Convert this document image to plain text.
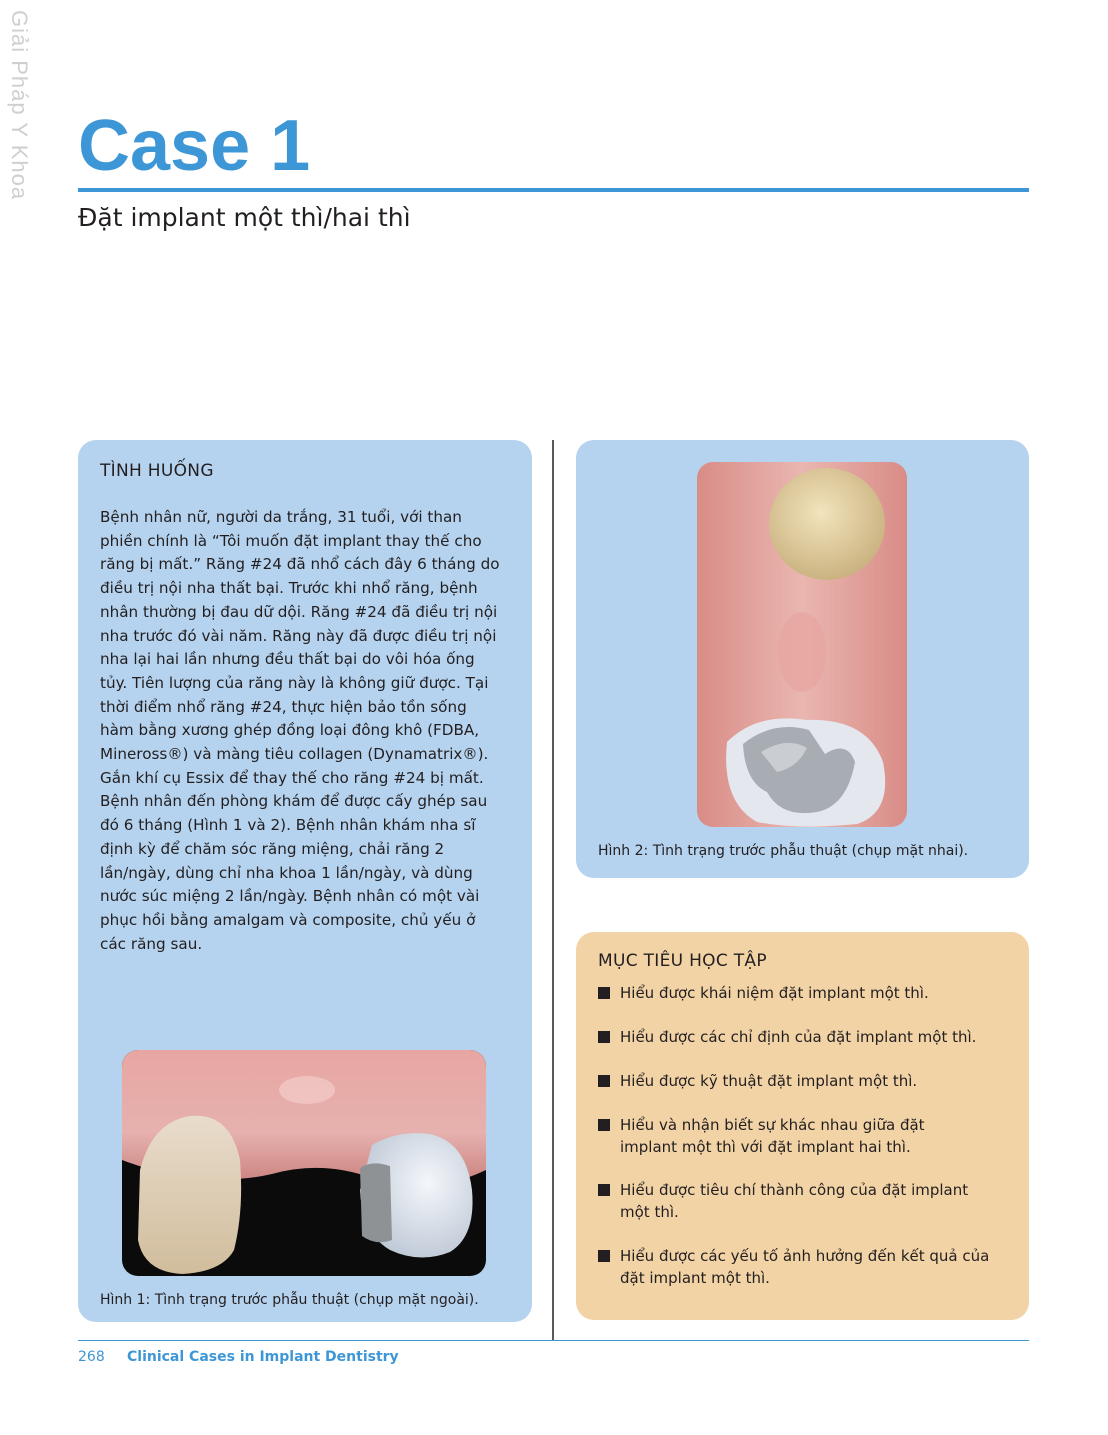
Giải Pháp Y Khoa Case 1
Đặt implant một thì/hai thì
TÌNH HUỐNG

Bệnh nhân nữ, người da trắng, 31 tuổi, với than phiền chính là “Tôi muốn đặt implant thay thế cho răng bị mất.” Răng #24 đã nhổ cách đây 6 tháng do điều trị nội nha thất bại. Trước khi nhổ răng, bệnh nhân thường bị đau dữ dội. Răng #24 đã điều trị nội nha trước đó vài năm. Răng này đã được điều trị nội nha lại hai lần nhưng đều thất bại do vôi hóa ống tủy. Tiên lượng của răng này là không giữ được. Tại thời điểm nhổ răng #24, thực hiện bảo tồn sống hàm bằng xương ghép đồng loại đông khô (FDBA, Mineross®) và màng tiêu collagen (Dynamatrix®). Gắn khí cụ Essix để thay thế cho răng #24 bị mất. Bệnh nhân đến phòng khám để được cấy ghép sau đó 6 tháng (Hình 1 và 2). Bệnh nhân khám nha sĩ định kỳ để chăm sóc răng miệng, chải răng 2 lần/ngày, dùng chỉ nha khoa 1 lần/ngày, và dùng nước súc miệng 2 lần/ngày. Bệnh nhân có một vài phục hồi bằng amalgam và composite, chủ yếu ở các răng sau.

Hình 1: Tình trạng trước phẫu thuật (chụp mặt ngoài).

Hình 2: Tình trạng trước phẫu thuật (chụp mặt nhai).

MỤC TIÊU HỌC TẬP
Hiểu được khái niệm đặt implant một thì.
Hiểu được các chỉ định của đặt implant một thì.
Hiểu được kỹ thuật đặt implant một thì.
Hiểu và nhận biết sự khác nhau giữa đặt implant một thì với đặt implant hai thì.
Hiểu được tiêu chí thành công của đặt implant một thì.
Hiểu được các yếu tố ảnh hưởng đến kết quả của đặt implant một thì.
268 Clinical Cases in Implant Dentistry
